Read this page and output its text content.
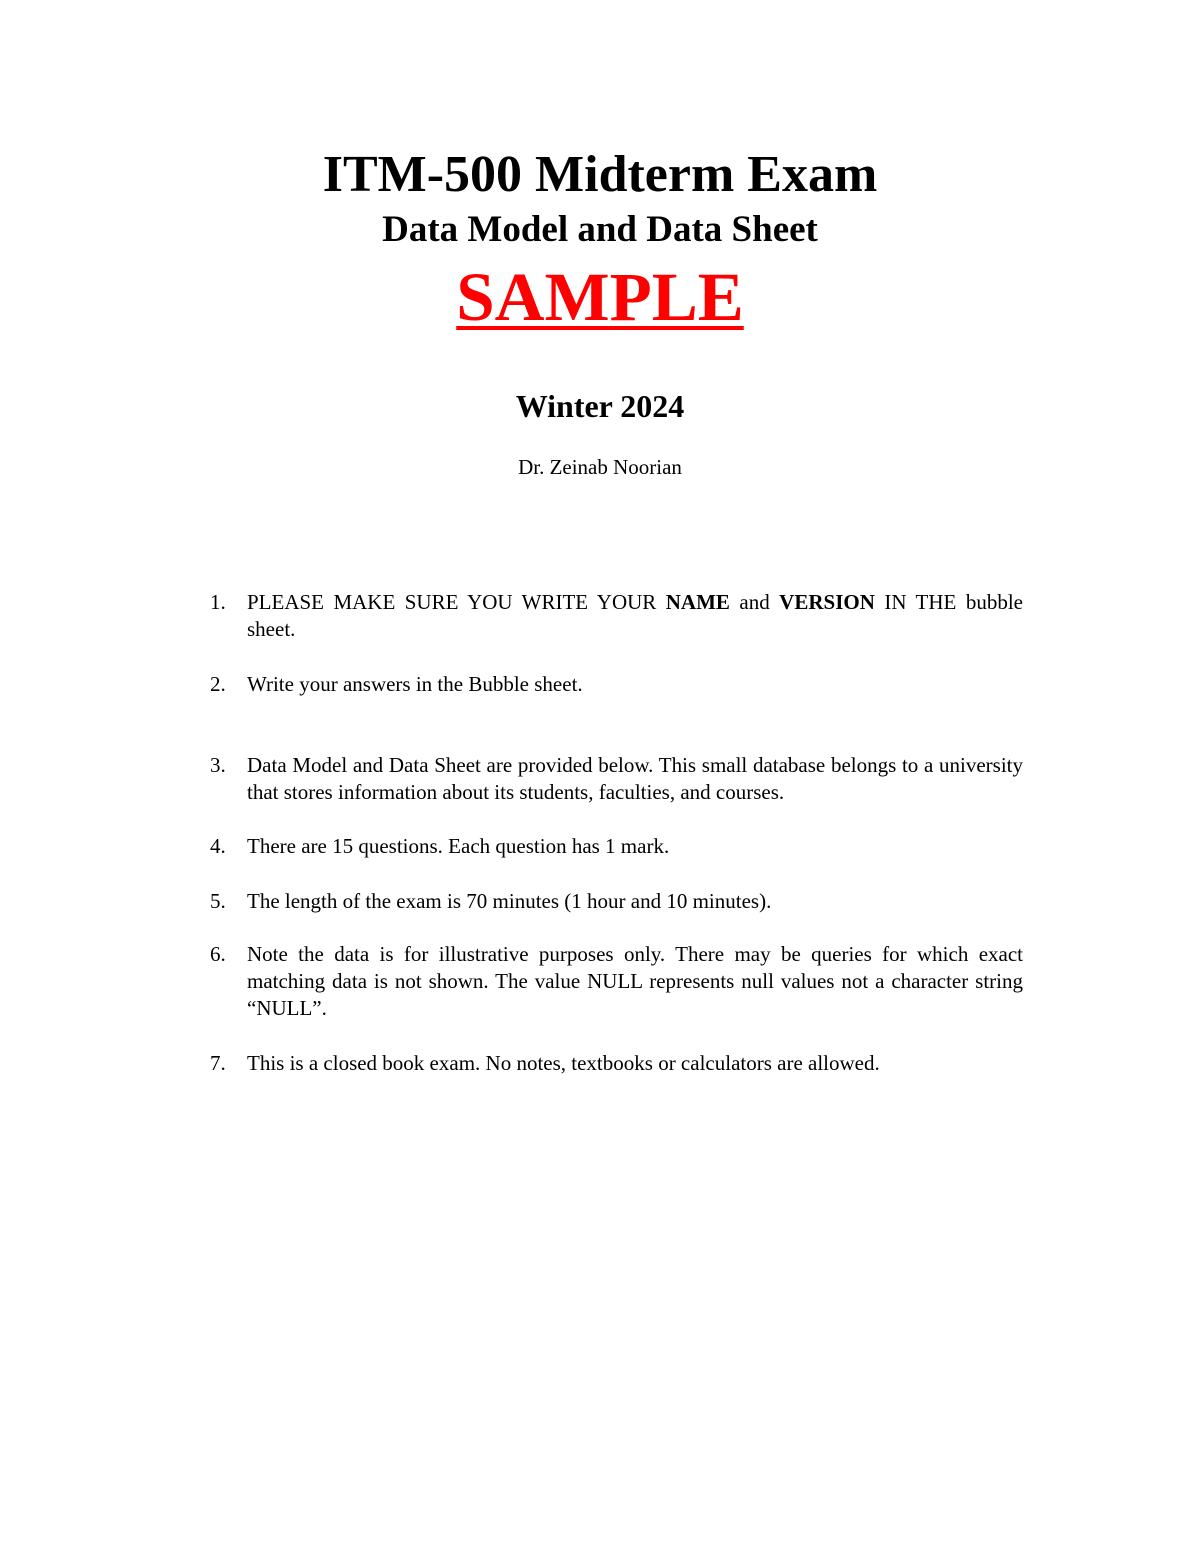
ITM-500 Midterm Exam
Data Model and Data Sheet
SAMPLE
Winter 2024
Dr. Zeinab Noorian
1. PLEASE MAKE SURE YOU WRITE YOUR NAME and VERSION IN THE bubble sheet.
2. Write your answers in the Bubble sheet.
3. Data Model and Data Sheet are provided below. This small database belongs to a university that stores information about its students, faculties, and courses.
4. There are 15 questions. Each question has 1 mark.
5. The length of the exam is 70 minutes (1 hour and 10 minutes).
6. Note the data is for illustrative purposes only. There may be queries for which exact matching data is not shown. The value NULL represents null values not a character string “NULL”.
7. This is a closed book exam. No notes, textbooks or calculators are allowed.
